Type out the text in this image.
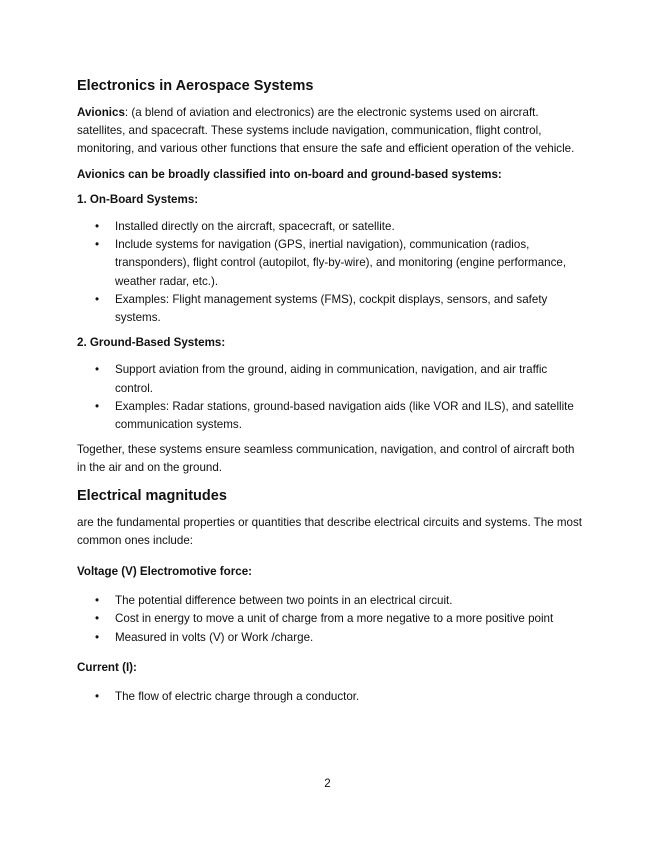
Electronics in Aerospace Systems
Avionics: (a blend of aviation and electronics) are the electronic systems used on aircraft. satellites, and spacecraft. These systems include navigation, communication, flight control, monitoring, and various other functions that ensure the safe and efficient operation of the vehicle.
Avionics can be broadly classified into on-board and ground-based systems:
1. On-Board Systems:
• Installed directly on the aircraft, spacecraft, or satellite.
• Include systems for navigation (GPS, inertial navigation), communication (radios, transponders), flight control (autopilot, fly-by-wire), and monitoring (engine performance, weather radar, etc.).
• Examples: Flight management systems (FMS), cockpit displays, sensors, and safety systems.
2. Ground-Based Systems:
• Support aviation from the ground, aiding in communication, navigation, and air traffic control.
• Examples: Radar stations, ground-based navigation aids (like VOR and ILS), and satellite communication systems.
Together, these systems ensure seamless communication, navigation, and control of aircraft both in the air and on the ground.
Electrical magnitudes
are the fundamental properties or quantities that describe electrical circuits and systems. The most common ones include:
Voltage (V) Electromotive force:
• The potential difference between two points in an electrical circuit.
• Cost in energy to move a unit of charge from a more negative to a more positive point
• Measured in volts (V) or Work /charge.
Current (I):
• The flow of electric charge through a conductor.
2
